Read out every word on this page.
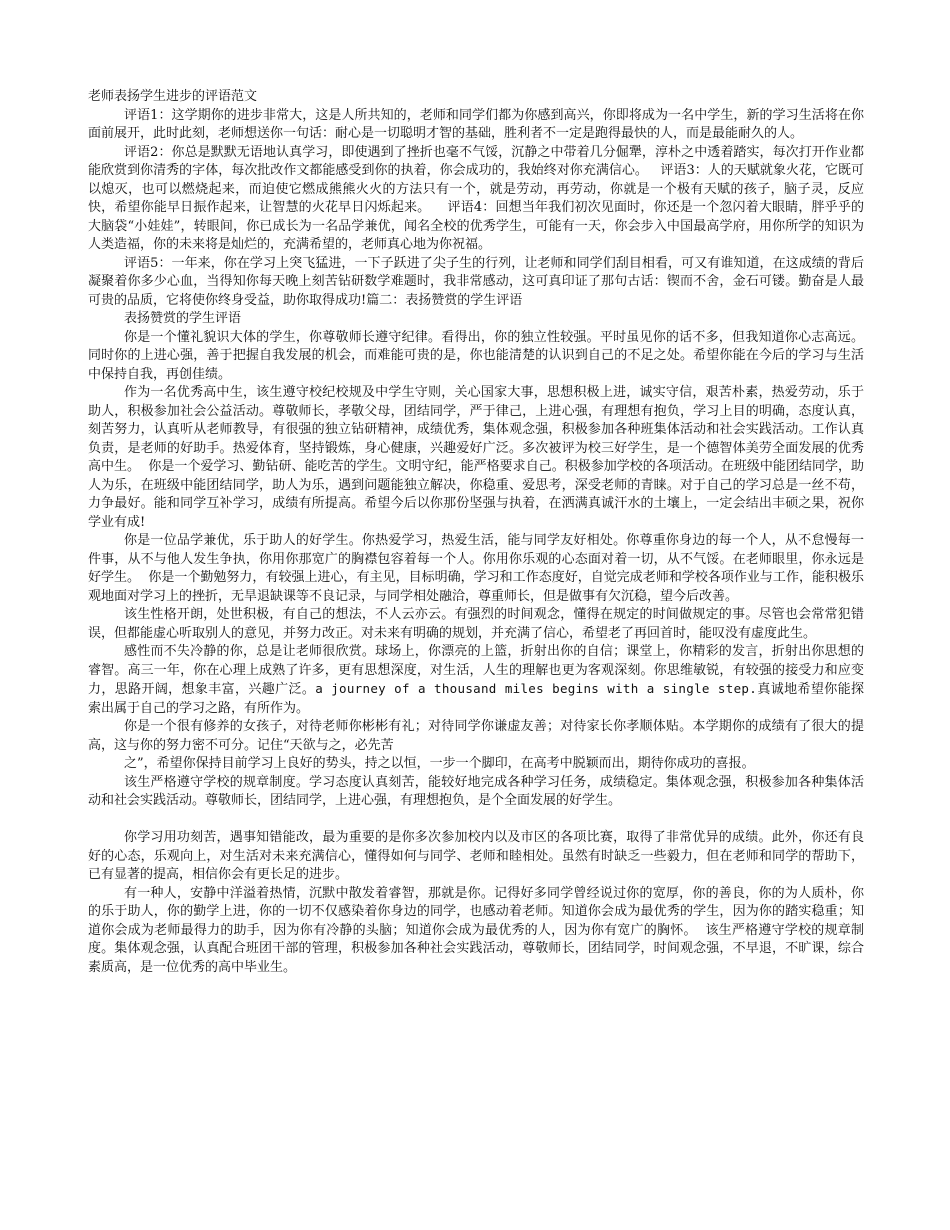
老师表扬学生进步的评语范文

评语1：这学期你的进步非常大，这是人所共知的，老师和同学们都为你感到高兴，你即将成为一名中学生，新的学习生活将在你面前展开，此时此刻，老师想送你一句话：耐心是一切聪明才智的基础，胜利者不一定是跑得最快的人，而是最能耐久的人。

评语2：你总是默默无语地认真学习，即使遇到了挫折也毫不气馁，沉静之中带着几分倔犟，淳朴之中透着踏实，每次打开作业都能欣赏到你清秀的字体，每次批改作文都能感受到你的执着，你会成功的，我始终对你充满信心。   评语3：人的天赋就象火花，它既可以熄灭，也可以燃烧起来，而迫使它燃成熊熊火火的方法只有一个，就是劳动，再劳动，你就是一个极有天赋的孩子，脑子灵，反应快，希望你能早日振作起来，让智慧的火花早日闪烁起来。    评语4：回想当年我们初次见面时，你还是一个忽闪着大眼睛，胖乎乎的大脑袋“小娃娃”，转眼间，你已成长为一名品学兼优，闻名全校的优秀学生，可能有一天，你会步入中国最高学府，用你所学的知识为人类造福，你的未来将是灿烂的，充满希望的，老师真心地为你祝福。

评语5：一年来，你在学习上突飞猛进，一下子跃进了尖子生的行列，让老师和同学们刮目相看，可又有谁知道，在这成绩的背后凝聚着你多少心血，当得知你每天晚上刻苦钻研数学难题时，我非常感动，这可真印证了那句古话：锲而不舍，金石可镂。勤奋是人最可贵的品质，它将使你终身受益，助你取得成功!篇二：表扬赞赏的学生评语

表扬赞赏的学生评语

你是一个懂礼貌识大体的学生，你尊敬师长遵守纪律。看得出，你的独立性较强。平时虽见你的话不多，但我知道你心志高远。同时你的上进心强，善于把握自我发展的机会，而难能可贵的是，你也能清楚的认识到自己的不足之处。希望你能在今后的学习与生活中保持自我，再创佳绩。

作为一名优秀高中生，该生遵守校纪校规及中学生守则，关心国家大事，思想积极上进，诚实守信，艰苦朴素，热爱劳动，乐于助人，积极参加社会公益活动。尊敬师长，孝敬父母，团结同学，严于律己，上进心强，有理想有抱负，学习上目的明确，态度认真，刻苦努力，认真听从老师教导，有很强的独立钻研精神，成绩优秀，集体观念强，积极参加各种班集体活动和社会实践活动。工作认真负责，是老师的好助手。热爱体育，坚持锻炼，身心健康，兴趣爱好广泛。多次被评为校三好学生，是一个德智体美劳全面发展的优秀高中生。  你是一个爱学习、勤钻研、能吃苦的学生。文明守纪，能严格要求自己。积极参加学校的各项活动。在班级中能团结同学，助人为乐，在班级中能团结同学，助人为乐，遇到问题能独立解决，你稳重、爱思考，深受老师的青睐。对于自己的学习总是一丝不苟，力争最好。能和同学互补学习，成绩有所提高。希望今后以你那份坚强与执着，在洒满真诚汗水的土壤上，一定会结出丰硕之果，祝你学业有成!

你是一位品学兼优，乐于助人的好学生。你热爱学习，热爱生活，能与同学友好相处。你尊重你身边的每一个人，从不怠慢每一件事，从不与他人发生争执，你用你那宽广的胸襟包容着每一个人。你用你乐观的心态面对着一切，从不气馁。在老师眼里，你永远是好学生。  你是一个勤勉努力，有较强上进心，有主见，目标明确，学习和工作态度好，自觉完成老师和学校各项作业与工作，能积极乐观地面对学习上的挫折，无旱退缺课等不良记录，与同学相处融洽，尊重师长，但是做事有欠沉稳，望今后改善。

该生性格开朗，处世积极，有自己的想法，不人云亦云。有强烈的时间观念，懂得在规定的时间做规定的事。尽管也会常常犯错误，但都能虚心听取别人的意见，并努力改正。对未来有明确的规划，并充满了信心，希望老了再回首时，能叹没有虚度此生。

感性而不失冷静的你，总是让老师很欣赏。球场上，你漂亮的上篮，折射出你的自信；课堂上，你精彩的发言，折射出你思想的睿智。高三一年，你在心理上成熟了许多，更有思想深度，对生活，人生的理解也更为客观深刻。你思维敏锐，有较强的接受力和应变力，思路开阔，想象丰富，兴趣广泛。a journey of a thousand miles begins with a single step.真诚地希望你能探索出属于自己的学习之路，有所作为。

你是一个很有修养的女孩子，对待老师你彬彬有礼；对待同学你谦虚友善；对待家长你孝顺体贴。本学期你的成绩有了很大的提高，这与你的努力密不可分。记住“天欲与之，必先苦

之”，希望你保持目前学习上良好的势头，持之以恒，一步一个脚印，在高考中脱颖而出，期待你成功的喜报。

该生严格遵守学校的规章制度。学习态度认真刻苦，能较好地完成各种学习任务，成绩稳定。集体观念强，积极参加各种集体活动和社会实践活动。尊敬师长，团结同学，上进心强，有理想抱负，是个全面发展的好学生。

你学习用功刻苦，遇事知错能改，最为重要的是你多次参加校内以及市区的各项比赛，取得了非常优异的成绩。此外，你还有良好的心态，乐观向上，对生活对未来充满信心，懂得如何与同学、老师和睦相处。虽然有时缺乏一些毅力，但在老师和同学的帮助下，已有显著的提高，相信你会有更长足的进步。

有一种人，安静中洋溢着热情，沉默中散发着睿智，那就是你。记得好多同学曾经说过你的宽厚，你的善良，你的为人质朴，你的乐于助人，你的勤学上进，你的一切不仅感染着你身边的同学，也感动着老师。知道你会成为最优秀的学生，因为你的踏实稳重；知道你会成为老师最得力的助手，因为你有冷静的头脑；知道你会成为最优秀的人，因为你有宽广的胸怀。  该生严格遵守学校的规章制度。集体观念强，认真配合班团干部的管理，积极参加各种社会实践活动，尊敬师长，团结同学，时间观念强，不早退，不旷课，综合素质高，是一位优秀的高中毕业生。
